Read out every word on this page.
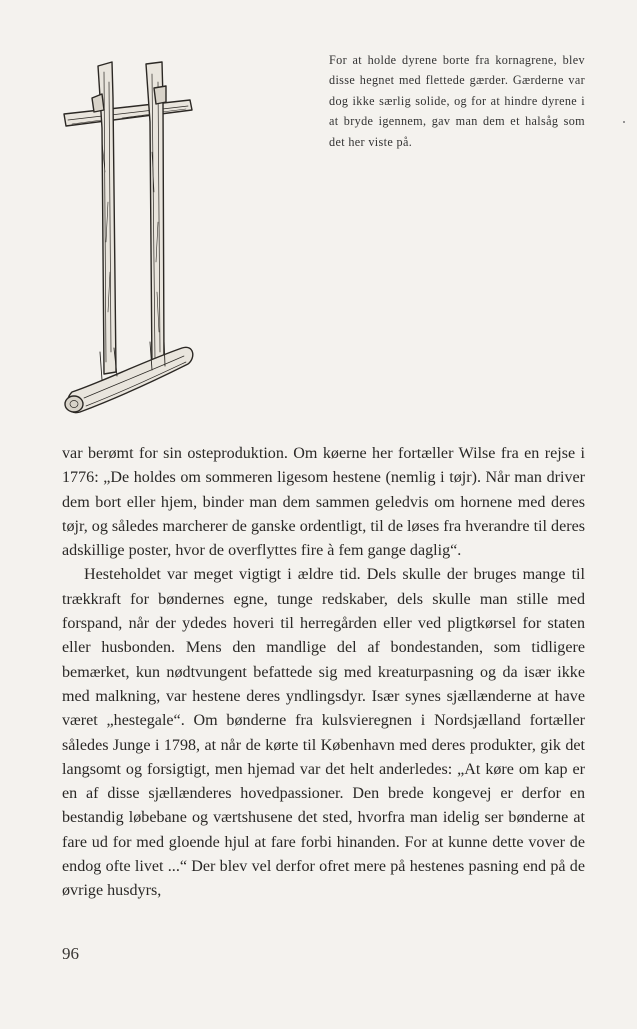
For at holde dyrene borte fra kornagrene, blev disse hegnet med flettede gærder. Gærderne var dog ikke særlig solide, og for at hindre dyrene i at bryde igennem, gav man dem et halsåg som det her viste på.

var berømt for sin osteproduktion. Om køerne her fortæller Wilse fra en rejse i 1776: „De holdes om sommeren ligesom hestene (nemlig i tøjr). Når man driver dem bort eller hjem, binder man dem sammen geledvis om hornene med deres tøjr, og således marcherer de ganske ordentligt, til de løses fra hverandre til deres adskillige poster, hvor de overflyttes fire à fem gange daglig“.

Hesteholdet var meget vigtigt i ældre tid. Dels skulle der bruges mange til trækkraft for bøndernes egne, tunge redskaber, dels skulle man stille med forspand, når der ydedes hoveri til herregården eller ved pligtkørsel for staten eller husbonden. Mens den mandlige del af bondestanden, som tidligere bemærket, kun nødtvungent befattede sig med kreaturpasning og da især ikke med malkning, var hestene deres yndlingsdyr. Især synes sjællænderne at have været „hestegale“. Om bønderne fra kulsvieregnen i Nordsjælland fortæller således Junge i 1798, at når de kørte til København med deres produkter, gik det langsomt og forsigtigt, men hjemad var det helt anderledes: „At køre om kap er en af disse sjællænderes hovedpassioner. Den brede kongevej er derfor en bestandig løbebane og værtshusene det sted, hvorfra man idelig ser bønderne at fare ud for med gloende hjul at fare forbi hinanden. For at kunne dette vover de endog ofte livet ...“ Der blev vel derfor ofret mere på hestenes pasning end på de øvrige husdyrs,

96
